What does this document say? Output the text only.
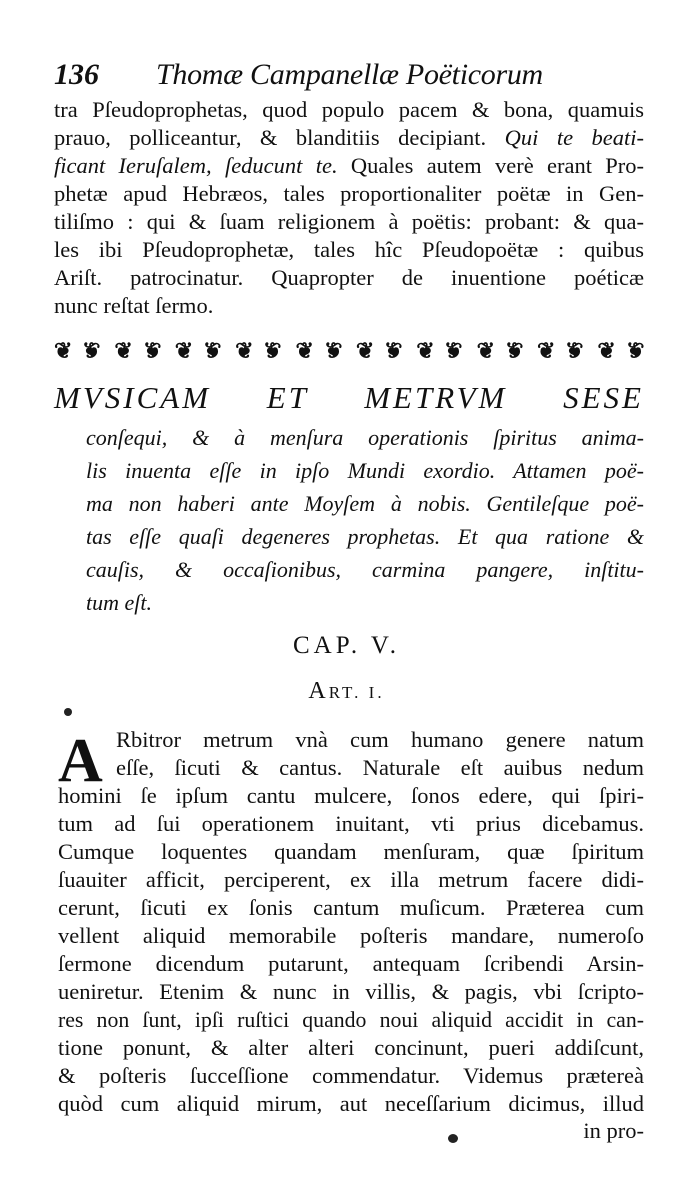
136 Thomæ Campanellæ Poëticorum
tra Pſeudoprophetas, quod populo pacem & bona, quamuis
prauo, polliceantur, & blanditiis decipiant. Qui te beati-
ficant Ieruſalem, ſeducunt te. Quales autem verè erant Pro-
phetæ apud Hebræos, tales proportionaliter poëtæ in Gen-
tiliſmo : qui & ſuam religionem à poëtis: probant: & qua-
les ibi Pſeudoprophetæ, tales hîc Pſeudopoëtæ : quibus
Ariſt. patrocinatur. Quapropter de inuentione poéticæ
nunc reſtat ſermo.
❦ ❦ ❦ ❦ ❦ ❦ ❦ ❦ ❦ ❦ ❦ ❦ ❦ ❦ ❦ ❦ ❦ ❦ ❦ ❦
MVSICAM ET METRVM SESE
conſequi, & à menſura operationis ſpiritus anima-
lis inuenta eſſe in ipſo Mundi exordio. Attamen poë-
ma non haberi ante Moyſem à nobis. Gentileſque poë-
tas eſſe quaſi degeneres prophetas. Et qua ratione &
cauſis, & occaſionibus, carmina pangere, inſtitu-
tum eſt.
CAP. V.
ART. I.
A Rbitror metrum vnà cum humano genere natum
eſſe, ſicuti & cantus. Naturale eſt auibus nedum
homini ſe ipſum cantu mulcere, ſonos edere, qui ſpiri-
tum ad ſui operationem inuitant, vti prius dicebamus.
Cumque loquentes quandam menſuram, quæ ſpiritum
ſuauiter afficit, perciperent, ex illa metrum facere didi-
cerunt, ſicuti ex ſonis cantum muſicum. Præterea cum
vellent aliquid memorabile poſteris mandare, numeroſo
ſermone dicendum putarunt, antequam ſcribendi Arsin-
ueniretur. Etenim & nunc in villis, & pagis, vbi ſcripto-
res non ſunt, ipſi ruſtici quando noui aliquid accidit in can-
tione ponunt, & alter alteri concinunt, pueri addiſcunt,
& poſteris ſucceſſione commendatur. Videmus prætereà
quòd cum aliquid mirum, aut neceſſarium dicimus, illud
in pro-
